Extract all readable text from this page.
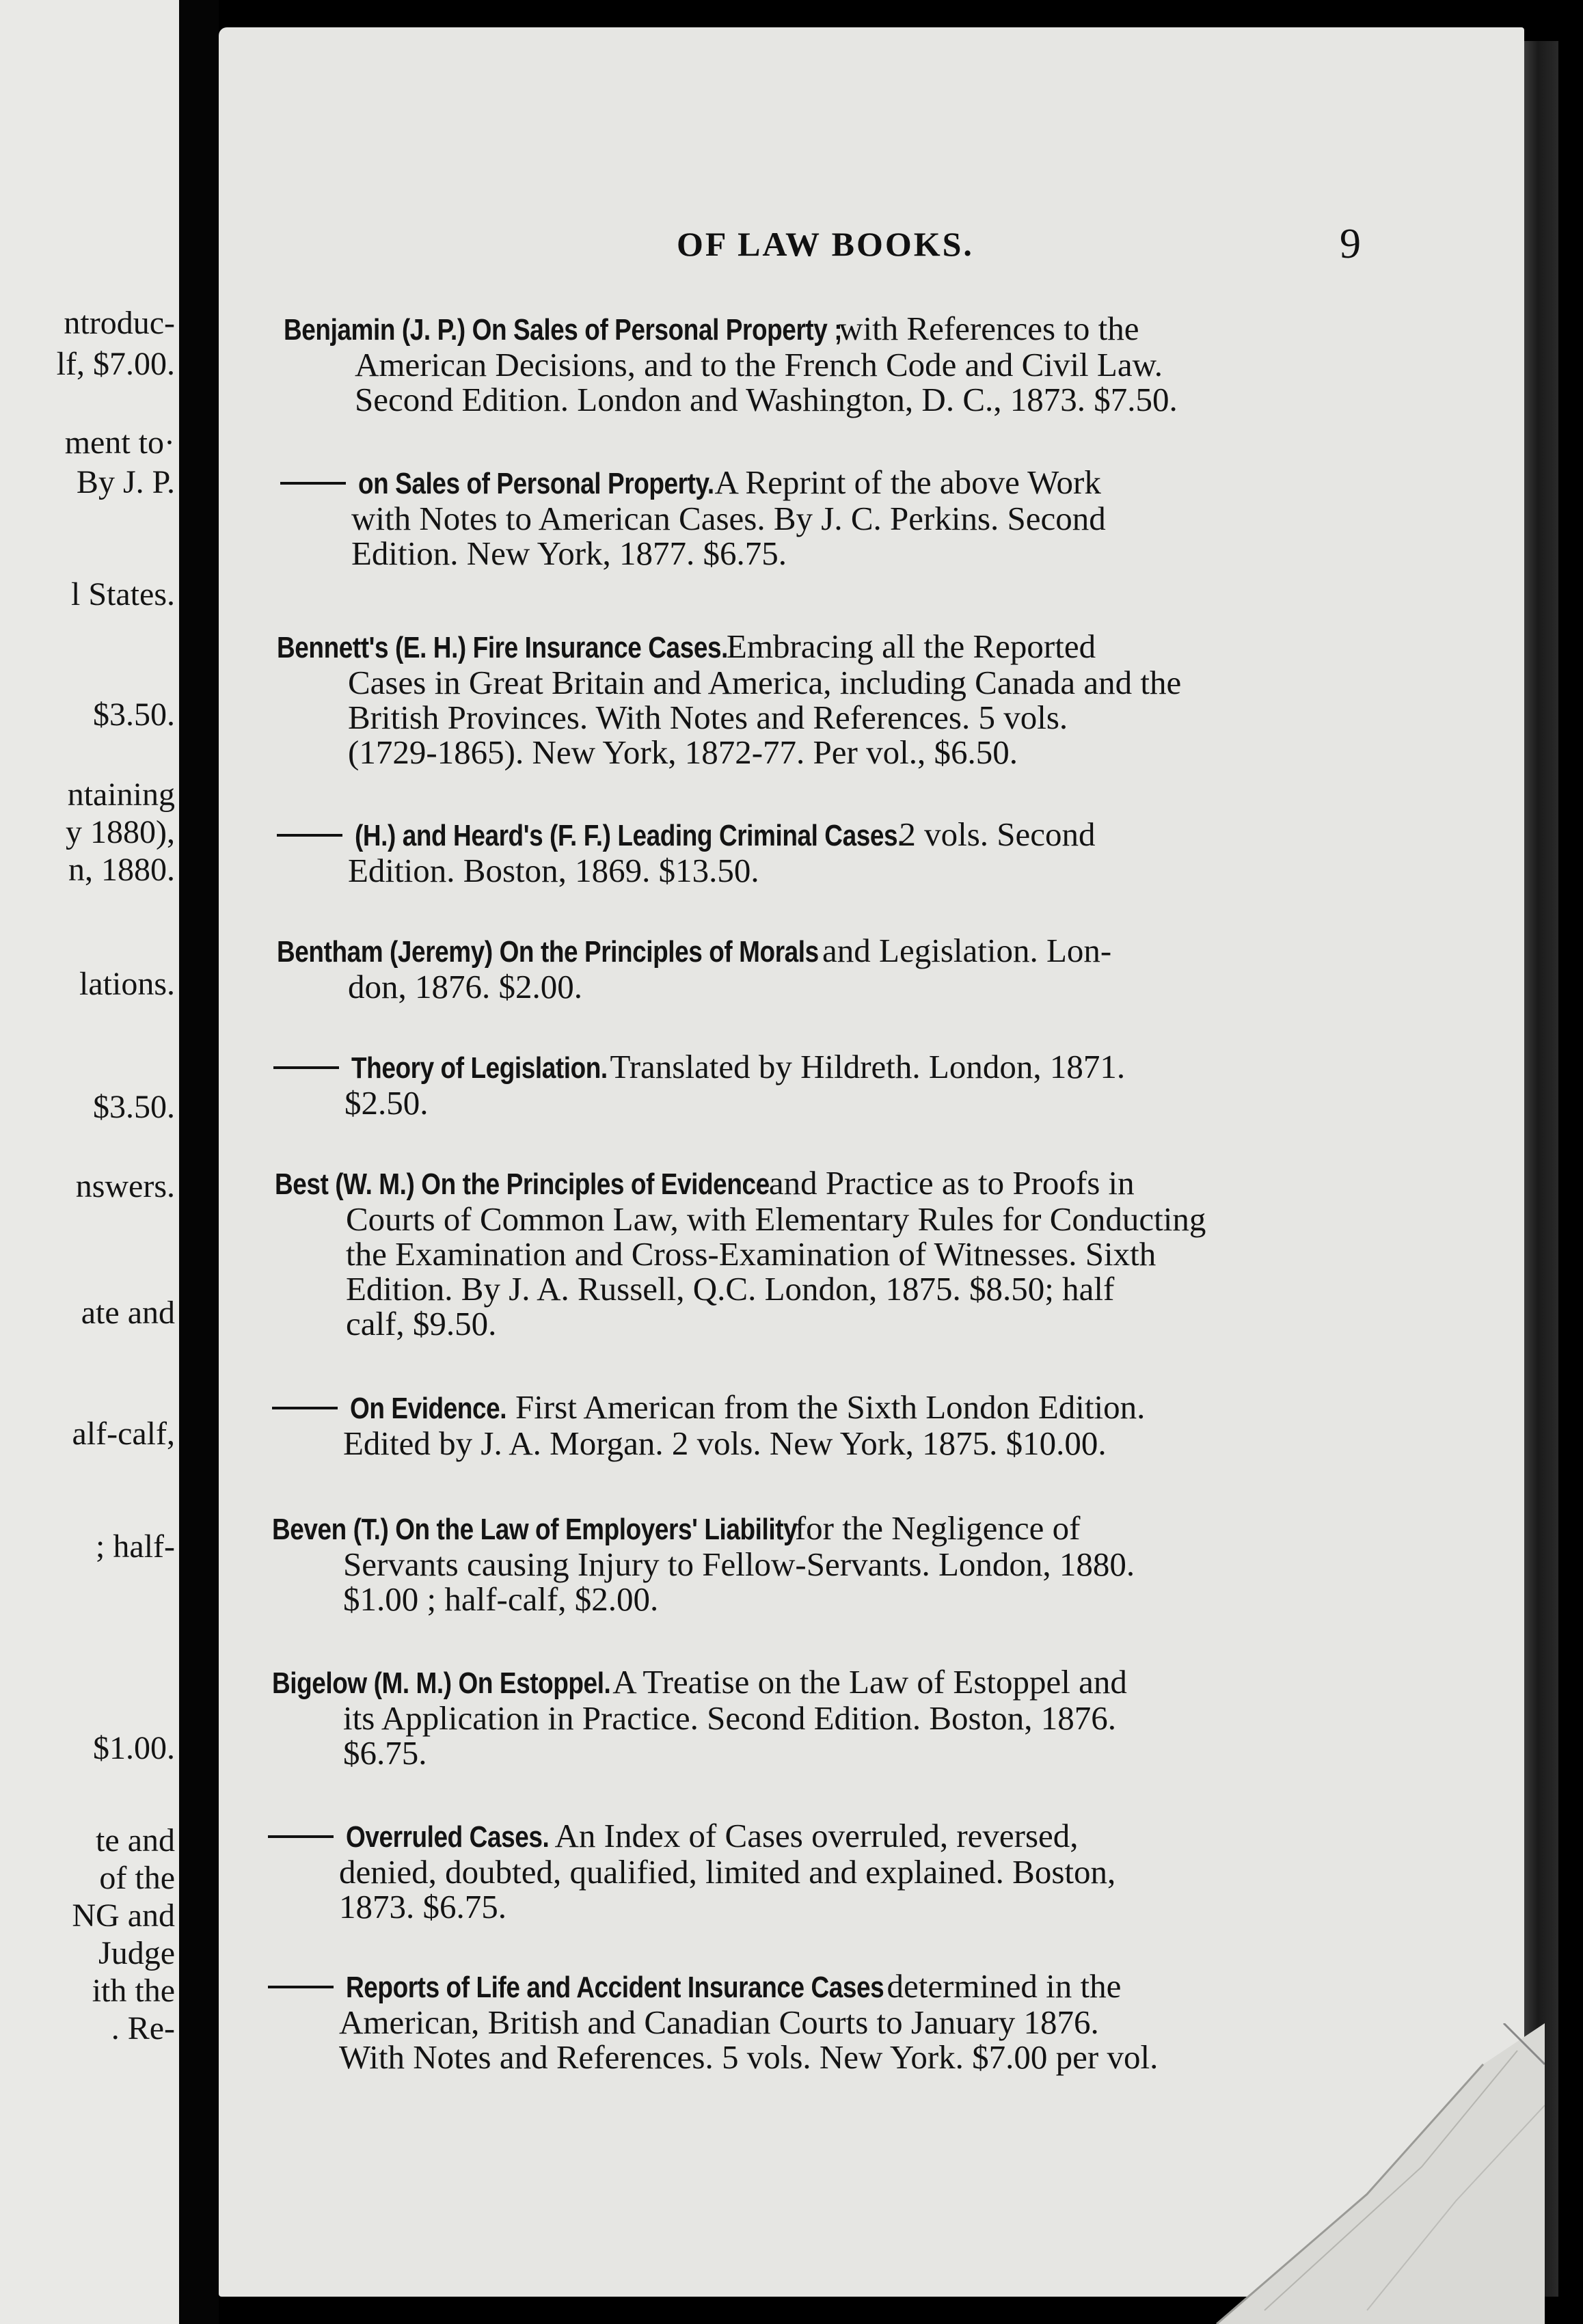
ntroduc-
lf, $7.00.
ment to·
By J. P.
l States.
$3.50.
ntaining
y 1880),
n, 1880.
lations.
$3.50.
nswers.
ate and
alf-calf,
; half-
$1.00.
te and
of the
NG and
Judge
ith the
. Re-
OF LAW BOOKS.	9
Benjamin (J. P.) On Sales of Personal Property ; with References to the
American Decisions, and to the French Code and Civil Law.
Second Edition. London and Washington, D. C., 1873. $7.50.
on Sales of Personal Property. A Reprint of the above Work
with Notes to American Cases. By J. C. Perkins. Second
Edition. New York, 1877. $6.75.
Bennett's (E. H.) Fire Insurance Cases. Embracing all the Reported
Cases in Great Britain and America, including Canada and the
British Provinces. With Notes and References. 5 vols.
(1729-1865). New York, 1872-77. Per vol., $6.50.
(H.) and Heard's (F. F.) Leading Criminal Cases. 2 vols. Second
Edition. Boston, 1869. $13.50.
Bentham (Jeremy) On the Principles of Morals and Legislation. Lon-
don, 1876. $2.00.
Theory of Legislation. Translated by Hildreth. London, 1871.
$2.50.
Best (W. M.) On the Principles of Evidence and Practice as to Proofs in
Courts of Common Law, with Elementary Rules for Conducting
the Examination and Cross-Examination of Witnesses. Sixth
Edition. By J. A. Russell, Q.C. London, 1875. $8.50; half
calf, $9.50.
On Evidence. First American from the Sixth London Edition.
Edited by J. A. Morgan. 2 vols. New York, 1875. $10.00.
Beven (T.) On the Law of Employers' Liability for the Negligence of
Servants causing Injury to Fellow-Servants. London, 1880.
$1.00 ; half-calf, $2.00.
Bigelow (M. M.) On Estoppel. A Treatise on the Law of Estoppel and
its Application in Practice. Second Edition. Boston, 1876.
$6.75.
Overruled Cases. An Index of Cases overruled, reversed,
denied, doubted, qualified, limited and explained. Boston,
1873. $6.75.
Reports of Life and Accident Insurance Cases determined in the
American, British and Canadian Courts to January 1876.
With Notes and References. 5 vols. New York. $7.00 per vol.
